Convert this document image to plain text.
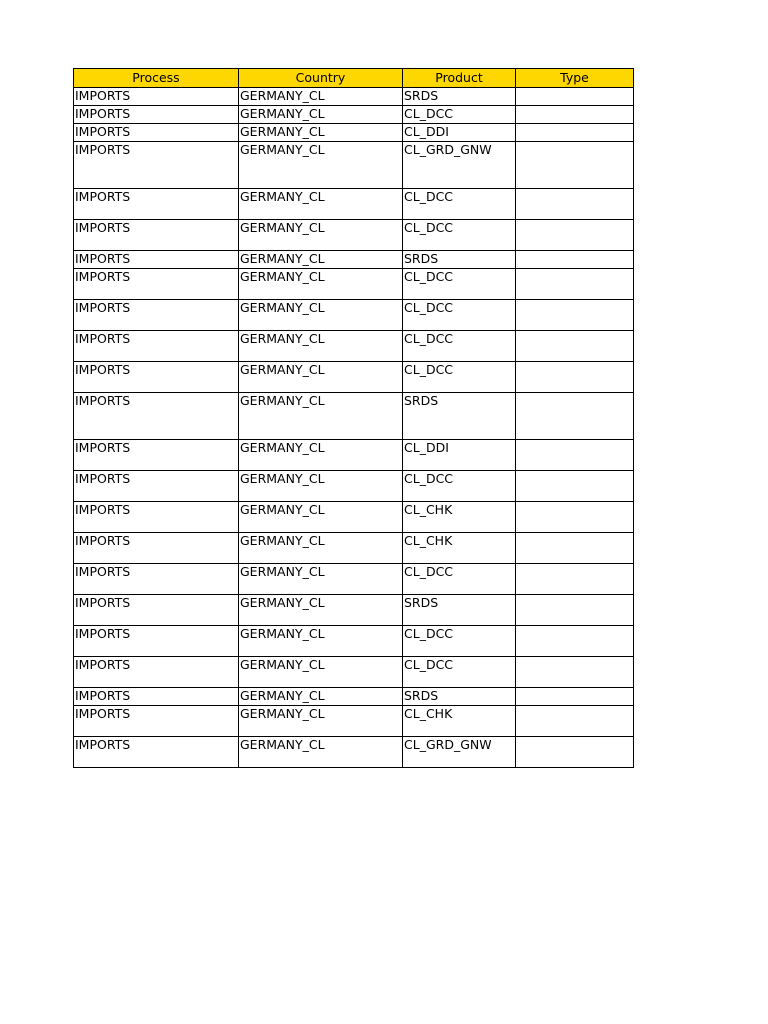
Process	Country	Product	Type
IMPORTS	GERMANY_CL	SRDS	
IMPORTS	GERMANY_CL	CL_DCC	
IMPORTS	GERMANY_CL	CL_DDI	
IMPORTS	GERMANY_CL	CL_GRD_GNW	
IMPORTS	GERMANY_CL	CL_DCC	
IMPORTS	GERMANY_CL	CL_DCC	
IMPORTS	GERMANY_CL	SRDS	
IMPORTS	GERMANY_CL	CL_DCC	
IMPORTS	GERMANY_CL	CL_DCC	
IMPORTS	GERMANY_CL	CL_DCC	
IMPORTS	GERMANY_CL	CL_DCC	
IMPORTS	GERMANY_CL	SRDS	
IMPORTS	GERMANY_CL	CL_DDI	
IMPORTS	GERMANY_CL	CL_DCC	
IMPORTS	GERMANY_CL	CL_CHK	
IMPORTS	GERMANY_CL	CL_CHK	
IMPORTS	GERMANY_CL	CL_DCC	
IMPORTS	GERMANY_CL	SRDS	
IMPORTS	GERMANY_CL	CL_DCC	
IMPORTS	GERMANY_CL	CL_DCC	
IMPORTS	GERMANY_CL	SRDS	
IMPORTS	GERMANY_CL	CL_CHK	
IMPORTS	GERMANY_CL	CL_GRD_GNW	
